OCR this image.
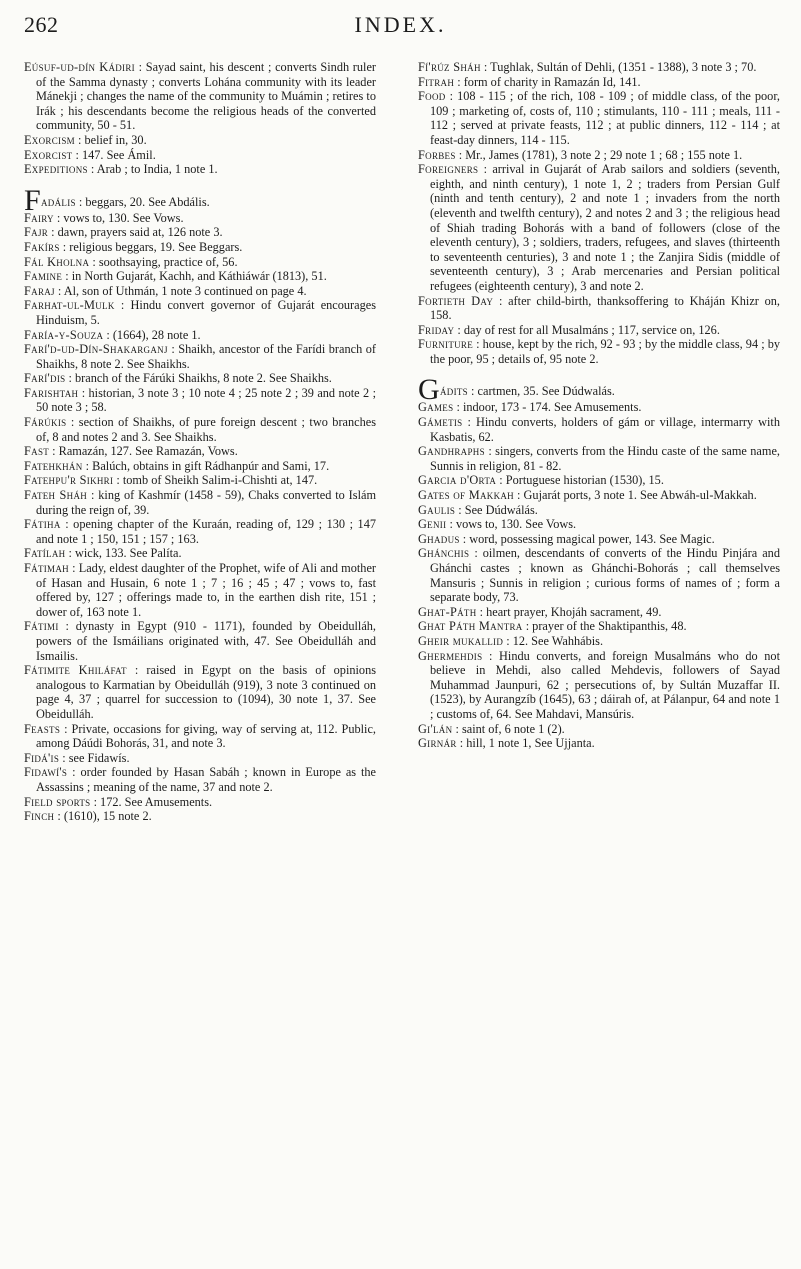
262	INDEX.

Eúsuf-ud-dín Kádiri : Sayad saint, his descent ; converts Sindh ruler of the Samma dynasty ; converts Lohána community with its leader Mánekji ; changes the name of the community to Muámin ; retires to Irák ; his descendants become the religious heads of the converted community, 50 - 51.

Exorcism : belief in, 30.

Exorcist : 147. See Ámil.

Expeditions : Arab ; to India, 1 note 1.

Fadális : beggars, 20. See Abdális.

Fairy : vows to, 130. See Vows.

Fajr : dawn, prayers said at, 126 note 3.

Fakírs : religious beggars, 19. See Beggars.

Fál Kholna : soothsaying, practice of, 56.

Famine : in North Gujarát, Kachh, and Káthiáwár (1813), 51.

Faraj : Al, son of Uthmán, 1 note 3 continued on page 4.

Farhat-ul-Mulk : Hindu convert governor of Gujarát encourages Hinduism, 5.

Faría-y-Souza : (1664), 28 note 1.

Farí'd-ud-Dín-Shakarganj : Shaikh, ancestor of the Farídi branch of Shaikhs, 8 note 2. See Shaikhs.

Farí'dis : branch of the Fárúki Shaikhs, 8 note 2. See Shaikhs.

Farishtah : historian, 3 note 3 ; 10 note 4 ; 25 note 2 ; 39 and note 2 ; 50 note 3 ; 58.

Fárúkis : section of Shaikhs, of pure foreign descent ; two branches of, 8 and notes 2 and 3. See Shaikhs.

Fast : Ramazán, 127. See Ramazán, Vows.

Fatehkhán : Balúch, obtains in gift Rádhanpúr and Sami, 17.

Fatehpu'r Sikhri : tomb of Sheikh Salim-i-Chishti at, 147.

Fateh Sháh : king of Kashmír (1458 - 59), Chaks converted to Islám during the reign of, 39.

Fátiha : opening chapter of the Kuraán, reading of, 129 ; 130 ; 147 and note 1 ; 150, 151 ; 157 ; 163.

Fatílah : wick, 133. See Palíta.

Fátimah : Lady, eldest daughter of the Prophet, wife of Ali and mother of Hasan and Husain, 6 note 1 ; 7 ; 16 ; 45 ; 47 ; vows to, fast offered by, 127 ; offerings made to, in the earthen dish rite, 151 ; dower of, 163 note 1.

Fátimi : dynasty in Egypt (910 - 1171), founded by Obeidulláh, powers of the Ismáilians originated with, 47. See Obeidulláh and Ismailis.

Fátimite Khiláfat : raised in Egypt on the basis of opinions analogous to Karmatian by Obeidulláh (919), 3 note 3 continued on page 4, 37 ; quarrel for succession to (1094), 30 note 1, 37. See Obeidulláh.

Feasts : Private, occasions for giving, way of serving at, 112. Public, among Dáúdi Bohorás, 31, and note 3.

Fidá'is : see Fidawís.

Fidawí's : order founded by Hasan Sabáh ; known in Europe as the Assassins ; meaning of the name, 37 and note 2.

Field sports : 172. See Amusements.

Finch : (1610), 15 note 2.

Fí'rúz Sháh : Tughlak, Sultán of Dehli, (1351 - 1388), 3 note 3 ; 70.

Fitrah : form of charity in Ramazán Id, 141.

Food : 108 - 115 ; of the rich, 108 - 109 ; of middle class, of the poor, 109 ; marketing of, costs of, 110 ; stimulants, 110 - 111 ; meals, 111 - 112 ; served at private feasts, 112 ; at public dinners, 112 - 114 ; at feast-day dinners, 114 - 115.

Forbes : Mr., James (1781), 3 note 2 ; 29 note 1 ; 68 ; 155 note 1.

Foreigners : arrival in Gujarát of Arab sailors and soldiers (seventh, eighth, and ninth century), 1 note 1, 2 ; traders from Persian Gulf (ninth and tenth century), 2 and note 1 ; invaders from the north (eleventh and twelfth century), 2 and notes 2 and 3 ; the religious head of Shiah trading Bohorás with a band of followers (close of the eleventh century), 3 ; soldiers, traders, refugees, and slaves (thirteenth to seventeenth centuries), 3 and note 1 ; the Zanjira Sidis (middle of seventeenth century), 3 ; Arab mercenaries and Persian political refugees (eighteenth century), 3 and note 2.

Fortieth Day : after child-birth, thanksoffering to Kháján Khizr on, 158.

Friday : day of rest for all Musalmáns ; 117, service on, 126.

Furniture : house, kept by the rich, 92 - 93 ; by the middle class, 94 ; by the poor, 95 ; details of, 95 note 2.

Gádits : cartmen, 35. See Dúdwalás.

Games : indoor, 173 - 174. See Amusements.

Gámetis : Hindu converts, holders of gám or village, intermarry with Kasbatis, 62.

Gandhraphs : singers, converts from the Hindu caste of the same name, Sunnis in religion, 81 - 82.

Garcia d'Orta : Portuguese historian (1530), 15.

Gates of Makkah : Gujarát ports, 3 note 1. See Abwáh-ul-Makkah.

Gaulis : See Dúdwálás.

Genii : vows to, 130. See Vows.

Ghadus : word, possessing magical power, 143. See Magic.

Ghánchis : oilmen, descendants of converts of the Hindu Pinjára and Ghánchi castes ; known as Ghánchi-Bohorás ; call themselves Mansuris ; Sunnis in religion ; curious forms of names of ; form a separate body, 73.

Ghat-Páth : heart prayer, Khojáh sacrament, 49.

Ghat Páth Mantra : prayer of the Shaktipanthis, 48.

Gheir mukallid : 12. See Wahhábis.

Ghermehdis : Hindu converts, and foreign Musalmáns who do not believe in Mehdi, also called Mehdevis, followers of Sayad Muhammad Jaunpuri, 62 ; persecutions of, by Sultán Muzaffar II. (1523), by Aurangzíb (1645), 63 ; dáirah of, at Pálanpur, 64 and note 1 ; customs of, 64. See Mahdavi, Mansúris.

Gi'lán : saint of, 6 note 1 (2).

Girnár : hill, 1 note 1, See Ujjanta.
